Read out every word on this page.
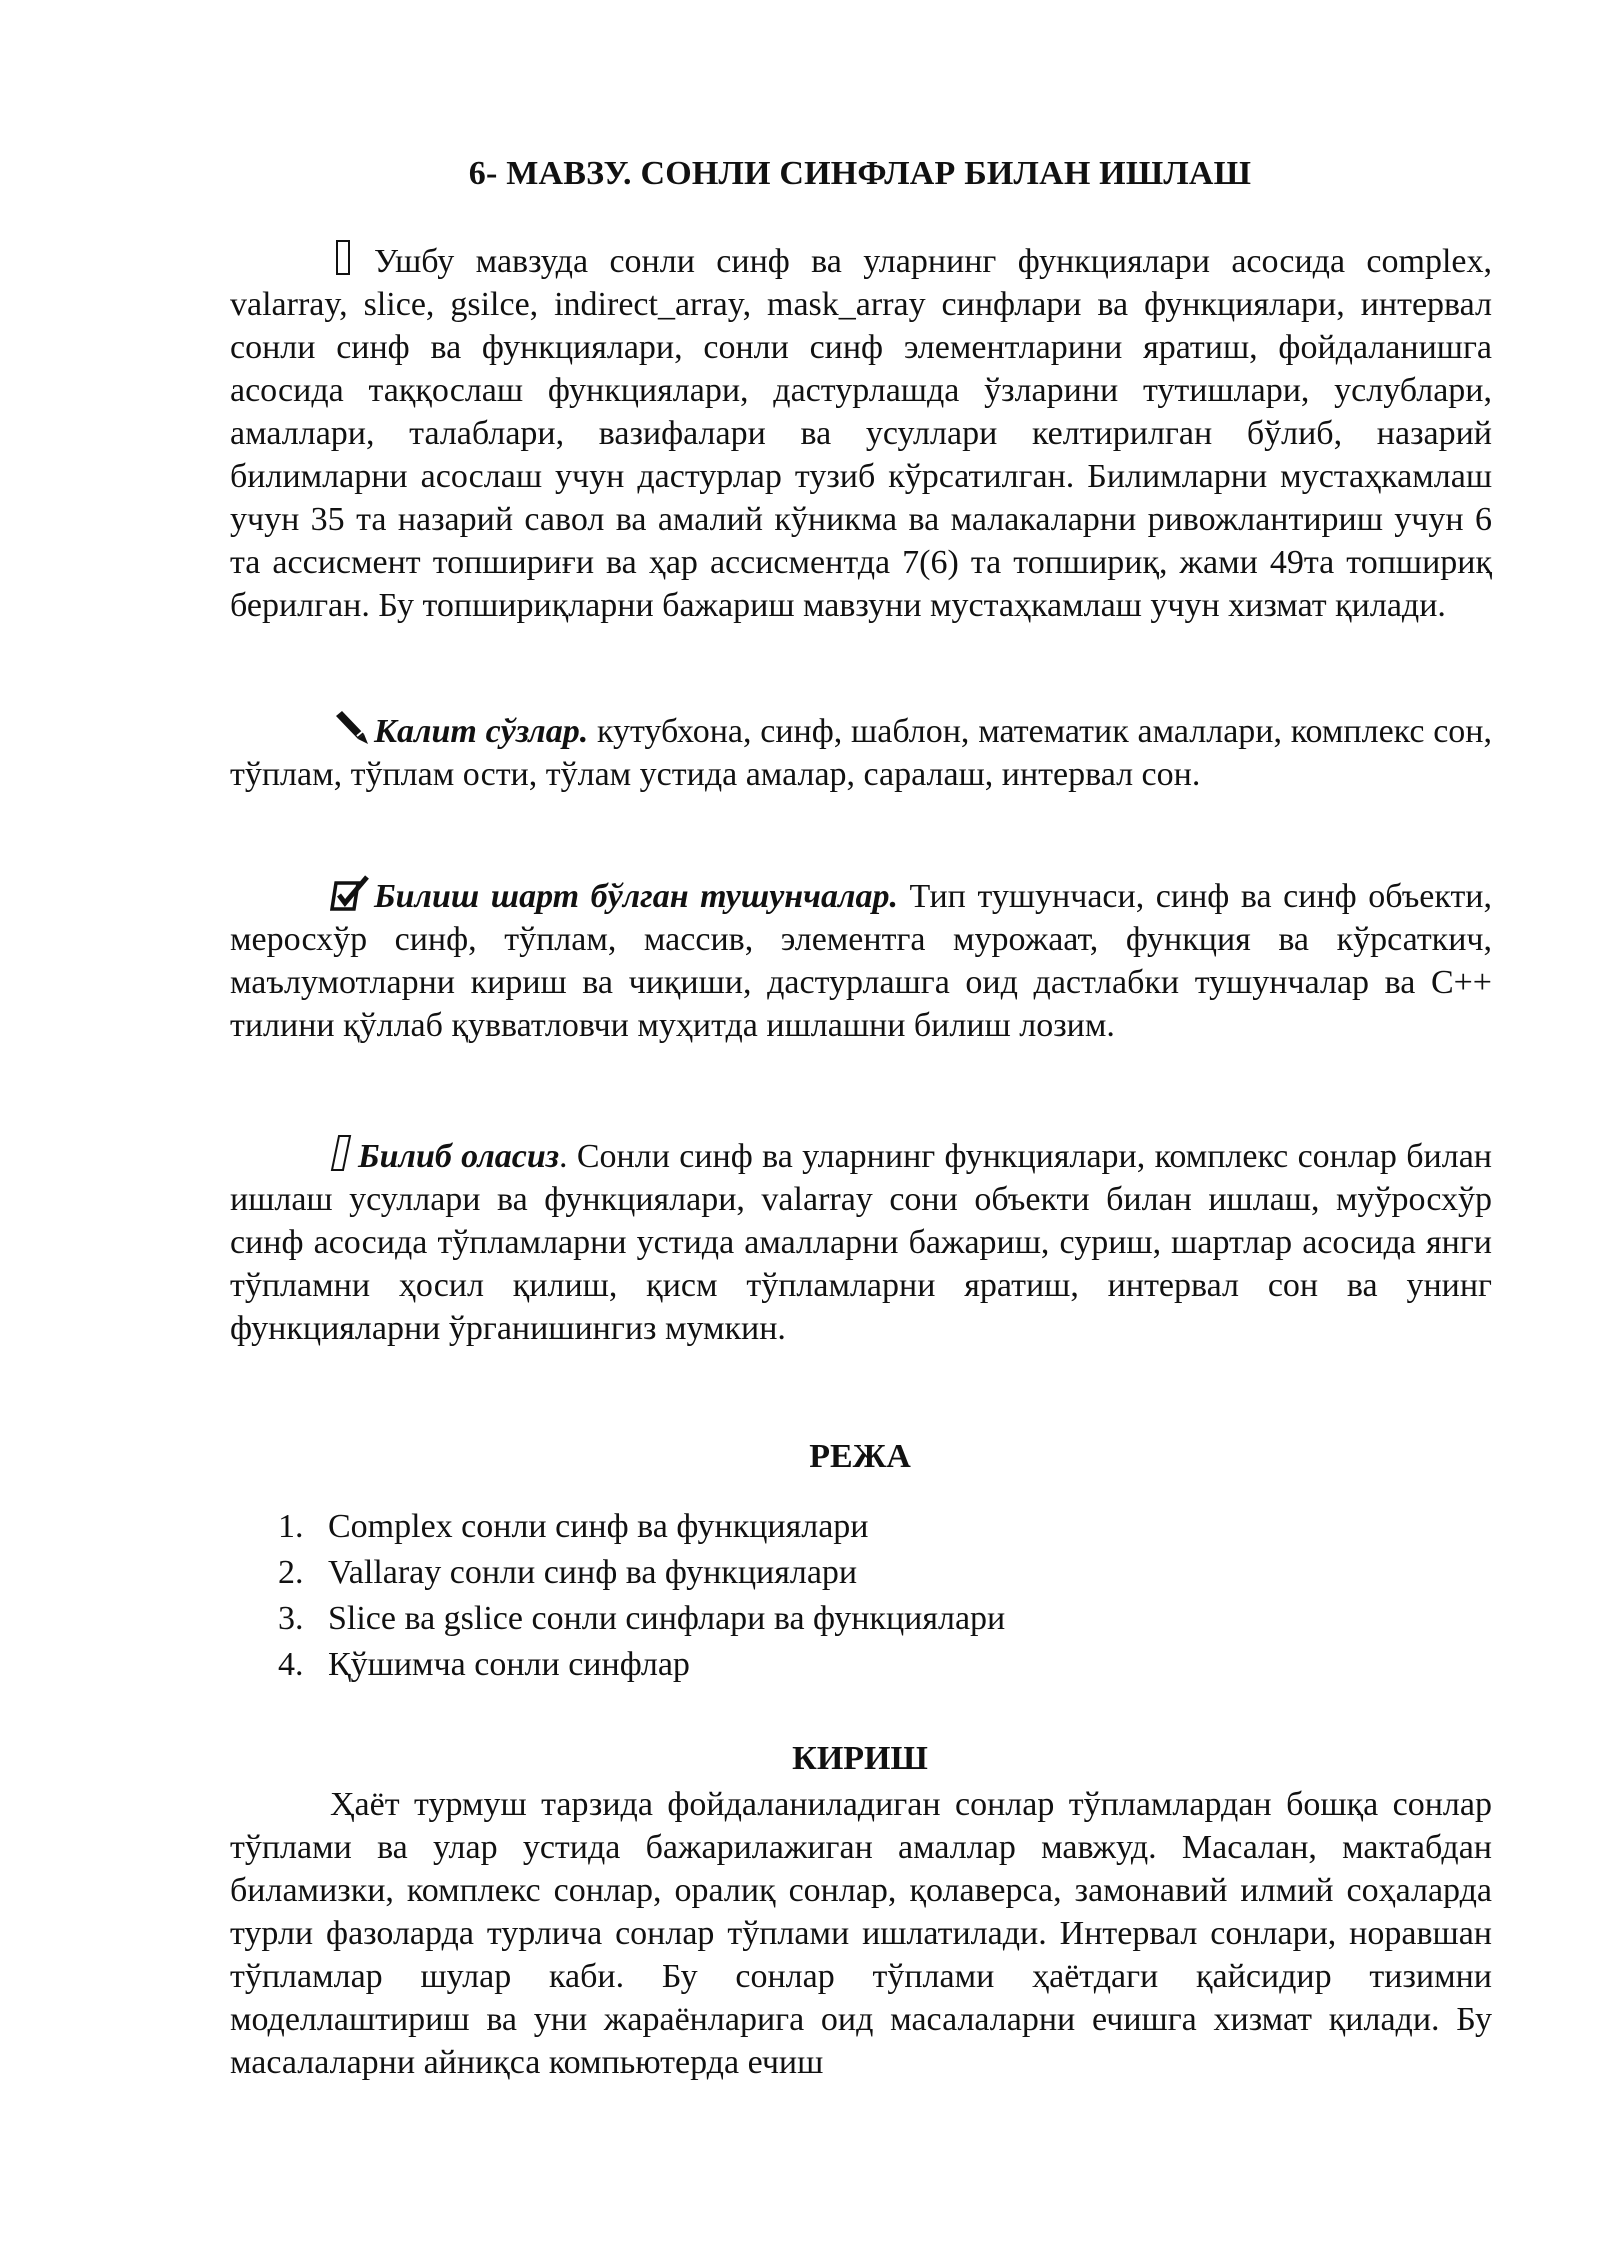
6- МАВЗУ. СОНЛИ СИНФЛАР БИЛАН ИШЛАШ

Ушбу мавзуда сонли синф ва уларнинг функциялари асосида complex, valarray, slice, gsilce, indirect_array, mask_array синфлари ва функциялари, интервал сонли синф ва функциялари, сонли синф элементларини яратиш, фойдаланишга асосида таққослаш функциялари, дастурлашда ўзларини тутишлари, услублари, амаллари, талаблари, вазифалари ва усуллари келтирилган бўлиб, назарий билимларни асослаш учун дастурлар тузиб кўрсатилган. Билимларни мустаҳкамлаш учун 35 та назарий савол ва амалий кўникма ва малакаларни ривожлантириш учун 6 та ассисмент топшириғи ва ҳар ассисментда 7(6) та топшириқ, жами 49та топшириқ берилган. Бу топшириқларни бажариш мавзуни мустаҳкамлаш учун хизмат қилади.

Калит сўзлар. кутубхона, синф, шаблон, математик амаллари, комплекс сон, тўплам, тўплам ости, тўлам устида амалар, саралаш, интервал сон.

Билиш шарт бўлган тушунчалар. Тип тушунчаси, синф ва синф объекти, меросхўр синф, тўплам, массив, элементга мурожаат, функция ва кўрсаткич, маълумотларни кириш ва чиқиши, дастурлашга оид дастлабки тушунчалар ва С++ тилини қўллаб қувватловчи муҳитда ишлашни билиш лозим.

Билиб оласиз. Сонли синф ва уларнинг функциялари, комплекс сонлар билан ишлаш усуллари ва функциялари, valarray сони объекти билан ишлаш, муўросхўр синф асосида тўпламларни устида амалларни бажариш, суриш, шартлар асосида янги тўпламни ҳосил қилиш, қисм тўпламларни яратиш, интервал сон ва унинг функцияларни ўрганишингиз мумкин.

РЕЖА
1. Complex сонли синф ва функциялари
2. Vallaray сонли синф ва функциялари
3. Slice ва gslice сонли синфлари ва функциялари
4. Қўшимча сонли синфлар
КИРИШ

Ҳаёт турмуш тарзида фойдаланиладиган сонлар тўпламлардан бошқа сонлар тўплами ва улар устида бажарилажиган амаллар мавжуд. Масалан, мактабдан биламизки, комплекс сонлар, оралиқ сонлар, қолаверса, замонавий илмий соҳаларда турли фазоларда турлича сонлар тўплами ишлатилади. Интервал сонлари, норавшан тўпламлар шулар каби. Бу сонлар тўплами ҳаётдаги қайсидир тизимни моделлаштириш ва уни жараёнларига оид масалаларни ечишга хизмат қилади. Бу масалаларни айниқса компьютерда ечиш
